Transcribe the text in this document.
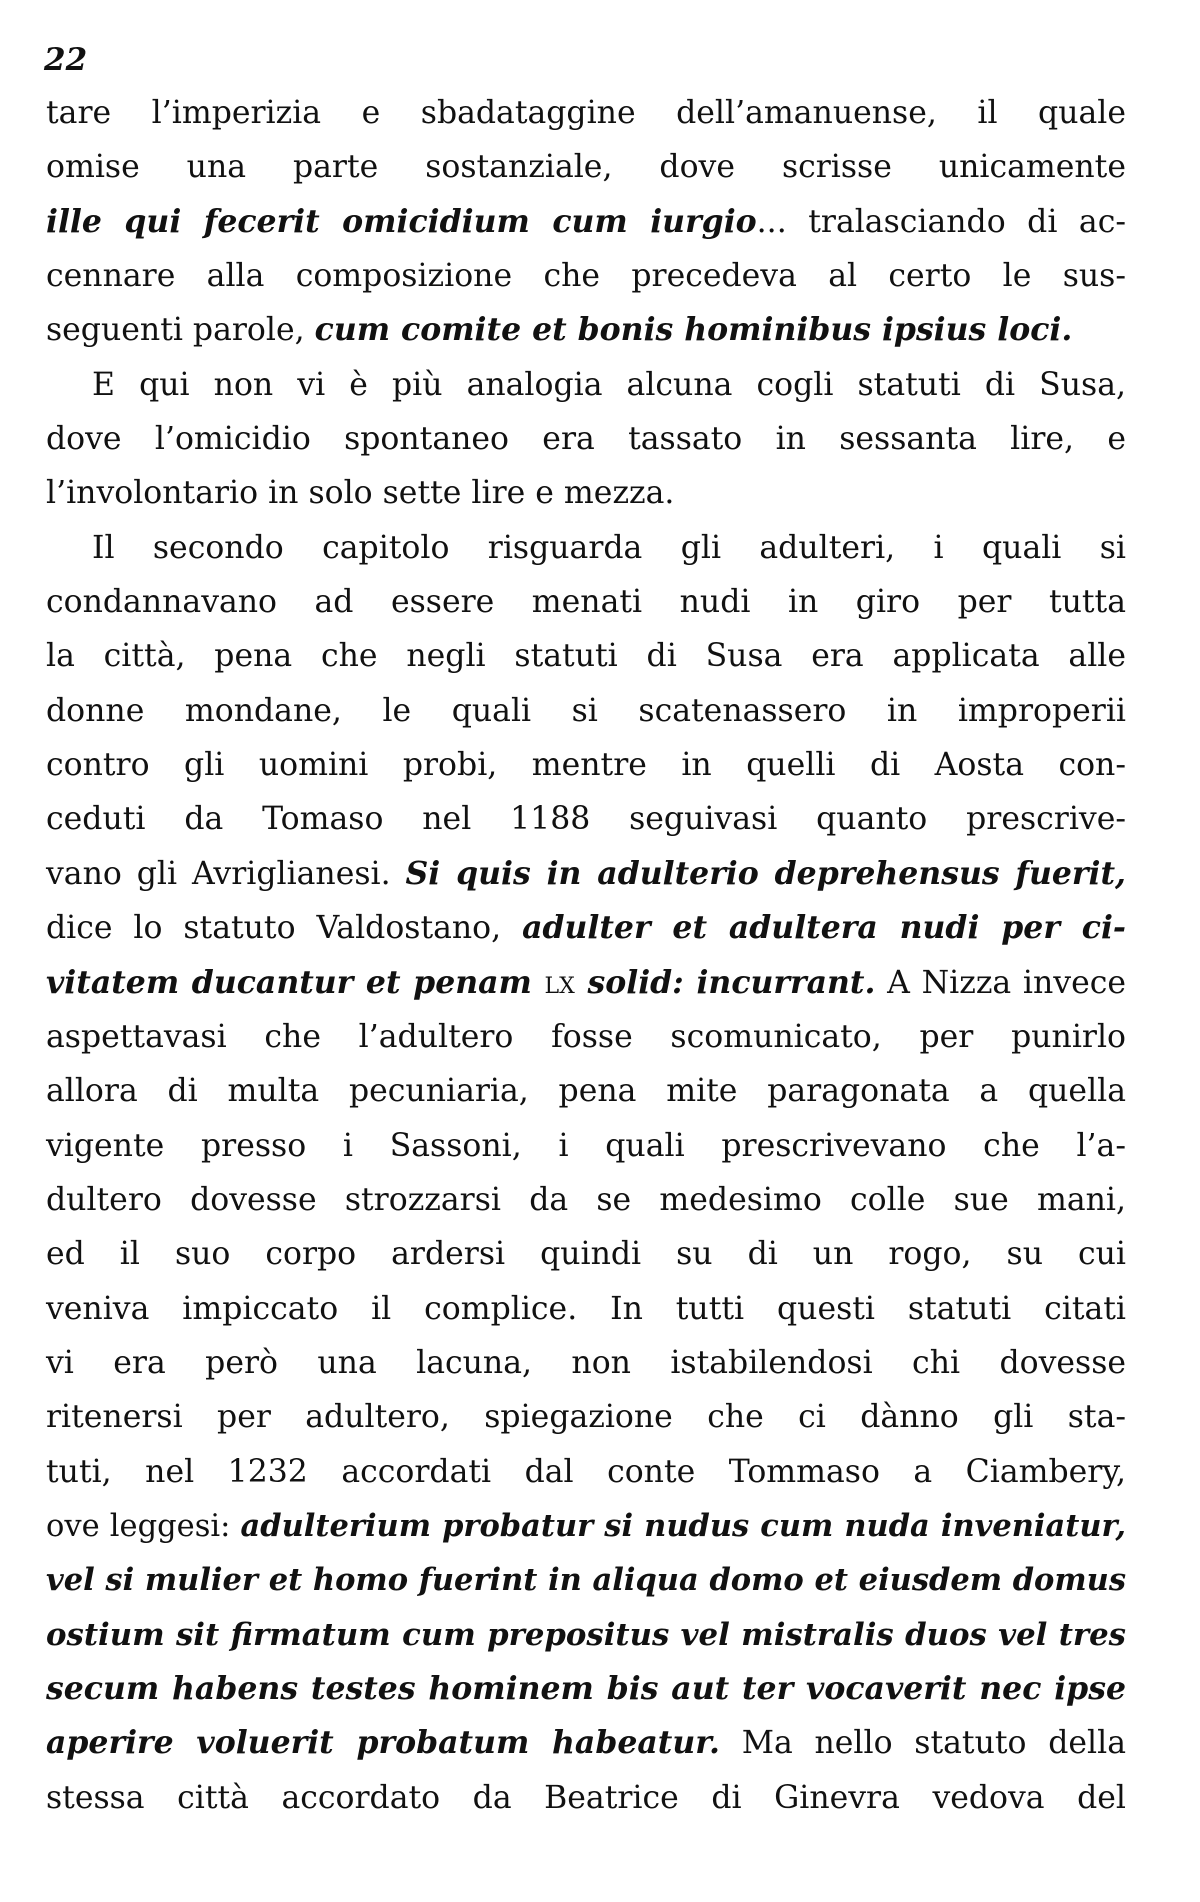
22
tare l’imperizia e sbadataggine dell’amanuense, il quale
omise una parte sostanziale, dove scrisse unicamente
ille qui fecerit omicidium cum iurgio... tralasciando di ac-
cennare alla composizione che precedeva al certo le sus-
seguenti parole, cum comite et bonis hominibus ipsius loci.
E qui non vi è più analogia alcuna cogli statuti di Susa,
dove l’omicidio spontaneo era tassato in sessanta lire, e
l’involontario in solo sette lire e mezza.
Il secondo capitolo risguarda gli adulteri, i quali si
condannavano ad essere menati nudi in giro per tutta
la città, pena che negli statuti di Susa era applicata alle
donne mondane, le quali si scatenassero in improperii
contro gli uomini probi, mentre in quelli di Aosta con-
ceduti da Tomaso nel 1188 seguivasi quanto prescrive-
vano gli Avriglianesi. Si quis in adulterio deprehensus fuerit,
dice lo statuto Valdostano, adulter et adultera nudi per ci-
vitatem ducantur et penam lx solid: incurrant. A Nizza invece
aspettavasi che l’adultero fosse scomunicato, per punirlo
allora di multa pecuniaria, pena mite paragonata a quella
vigente presso i Sassoni, i quali prescrivevano che l’a-
dultero dovesse strozzarsi da se medesimo colle sue mani,
ed il suo corpo ardersi quindi su di un rogo, su cui
veniva impiccato il complice. In tutti questi statuti citati
vi era però una lacuna, non istabilendosi chi dovesse
ritenersi per adultero, spiegazione che ci dànno gli sta-
tuti, nel 1232 accordati dal conte Tommaso a Ciambery,
ove leggesi: adulterium probatur si nudus cum nuda inveniatur,
vel si mulier et homo fuerint in aliqua domo et eiusdem domus
ostium sit firmatum cum prepositus vel mistralis duos vel tres
secum habens testes hominem bis aut ter vocaverit nec ipse
aperire voluerit probatum habeatur. Ma nello statuto della
stessa città accordato da Beatrice di Ginevra vedova del
